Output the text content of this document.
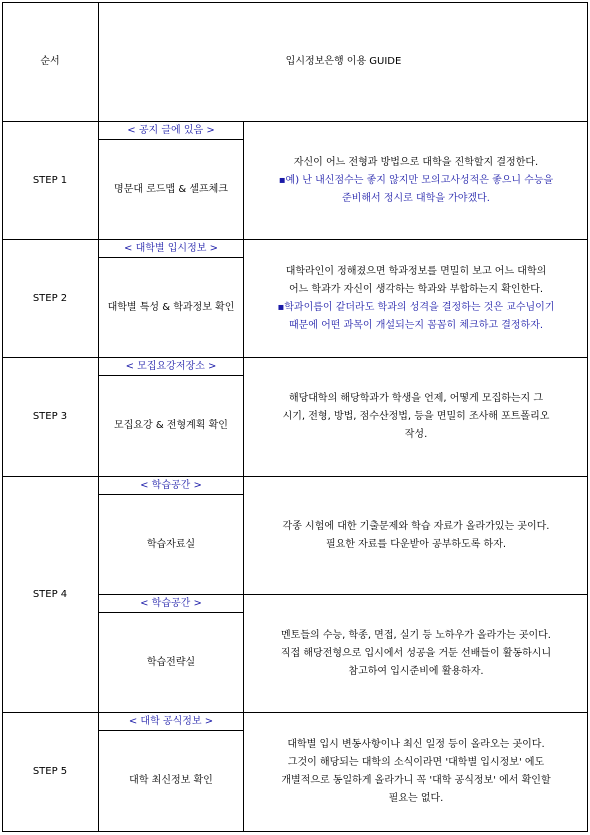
순서	입시정보은행 이용 GUIDE
STEP 1
< 공지 글에 있음 >
명문대 로드맵 & 셀프체크
자신이 어느 전형과 방법으로 대학을 진학할지 결정한다.
▪예) 난 내신점수는 좋지 않지만 모의고사성적은 좋으니 수능을
준비해서 정시로 대학을 가야겠다.
STEP 2
< 대학별 입시정보 >
대학별 특성 & 학과정보 확인
대학라인이 정해졌으면 학과정보를 면밀히 보고 어느 대학의
어느 학과가 자신이 생각하는 학과와 부합하는지 확인한다.
▪학과이름이 같더라도 학과의 성격을 결정하는 것은 교수님이기
때문에 어떤 과목이 개설되는지 꼼꼼히 체크하고 결정하자.
STEP 3
< 모집요강저장소 >
모집요강 & 전형계획 확인
해당대학의 해당학과가 학생을 언제, 어떻게 모집하는지 그
시기, 전형, 방법, 점수산정법, 등을 면밀히 조사해 포트폴리오
작성.
STEP 4
< 학습공간 >
학습자료실
각종 시험에 대한 기출문제와 학습 자료가 올라가있는 곳이다.
필요한 자료를 다운받아 공부하도록 하자.
< 학습공간 >
학습전략실
멘토들의 수능, 학종, 면접, 실기 등 노하우가 올라가는 곳이다.
직접 해당전형으로 입시에서 성공을 거둔 선배들이 활동하시니
참고하여 입시준비에 활용하자.
STEP 5
< 대학 공식정보 >
대학 최신정보 확인
대학별 입시 변동사항이나 최신 일정 등이 올라오는 곳이다.
그것이 해당되는 대학의 소식이라면 '대학별 입시정보' 에도
개별적으로 동일하게 올라가니 꼭 '대학 공식정보' 에서 확인할
필요는 없다.
